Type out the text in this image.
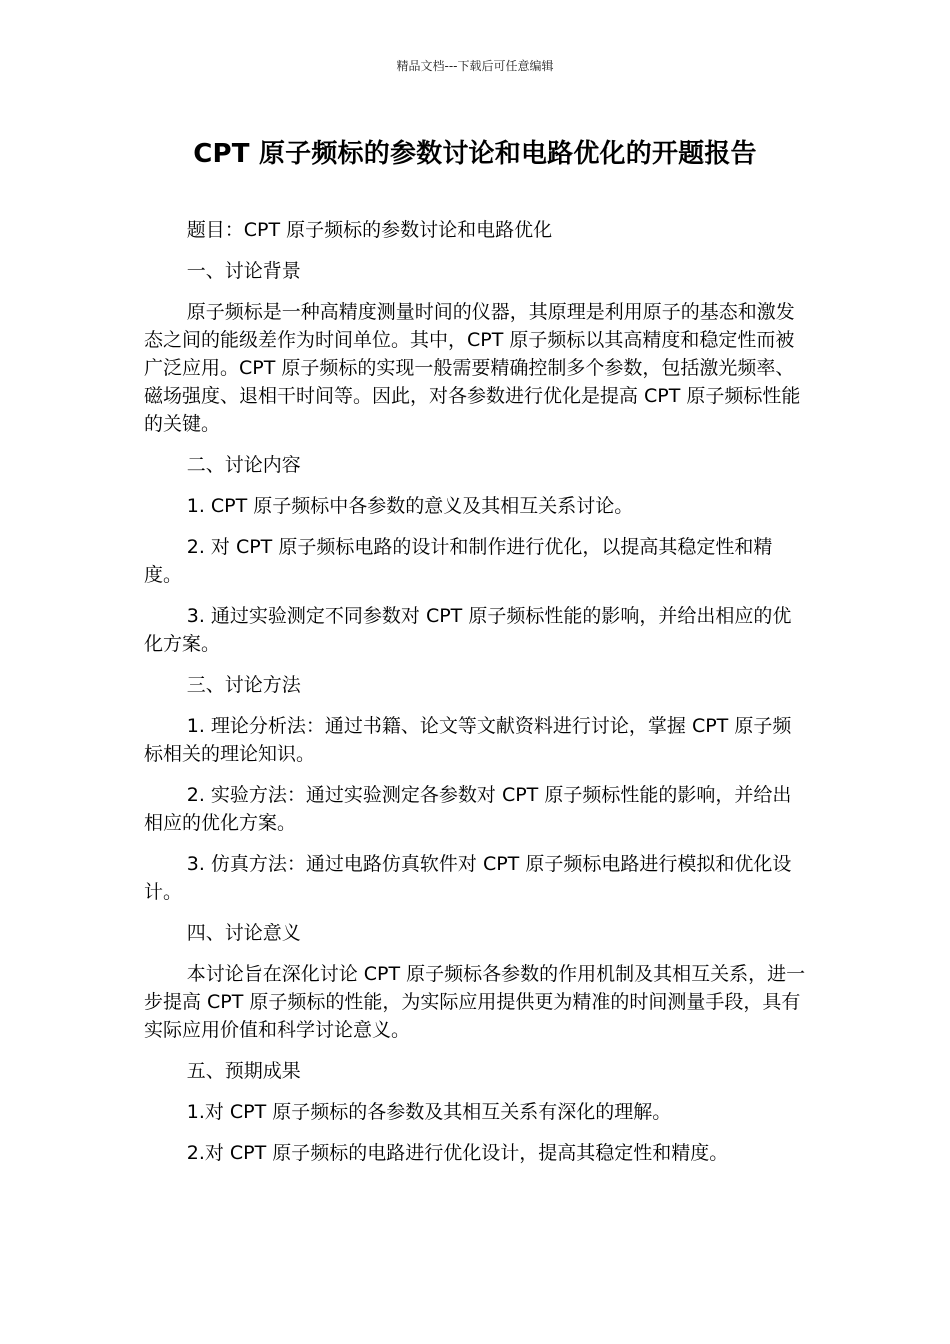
精品文档---下载后可任意编辑
CPT 原子频标的参数讨论和电路优化的开题报告

题目：CPT 原子频标的参数讨论和电路优化

一、讨论背景

原子频标是一种高精度测量时间的仪器，其原理是利用原子的基态和激发态之间的能级差作为时间单位。其中，CPT 原子频标以其高精度和稳定性而被广泛应用。CPT 原子频标的实现一般需要精确控制多个参数，包括激光频率、磁场强度、退相干时间等。因此，对各参数进行优化是提高 CPT 原子频标性能的关键。

二、讨论内容

1. CPT 原子频标中各参数的意义及其相互关系讨论。

2. 对 CPT 原子频标电路的设计和制作进行优化，以提高其稳定性和精度。

3. 通过实验测定不同参数对 CPT 原子频标性能的影响，并给出相应的优化方案。

三、讨论方法

1. 理论分析法：通过书籍、论文等文献资料进行讨论，掌握 CPT 原子频标相关的理论知识。

2. 实验方法：通过实验测定各参数对 CPT 原子频标性能的影响，并给出相应的优化方案。

3. 仿真方法：通过电路仿真软件对 CPT 原子频标电路进行模拟和优化设计。

四、讨论意义

本讨论旨在深化讨论 CPT 原子频标各参数的作用机制及其相互关系，进一步提高 CPT 原子频标的性能，为实际应用提供更为精准的时间测量手段，具有实际应用价值和科学讨论意义。

五、预期成果

1.对 CPT 原子频标的各参数及其相互关系有深化的理解。

2.对 CPT 原子频标的电路进行优化设计，提高其稳定性和精度。
